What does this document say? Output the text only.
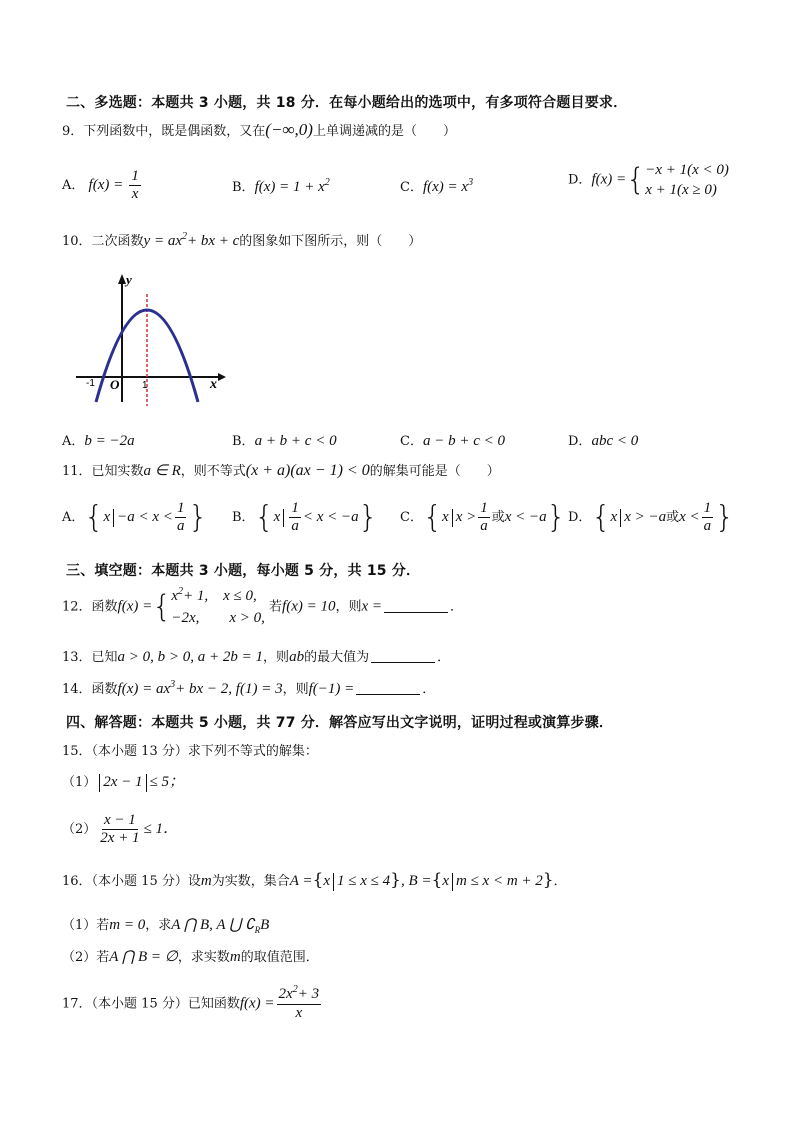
二、多选题：本题共 3 小题，共 18 分．在每小题给出的选项中，有多项符合题目要求．
9．下列函数中，既是偶函数，又在(−∞,0)上单调递减的是（　　）
A． $f(x) = \frac{1}{x}$	B．$f(x) = 1 + x^2$	C．$f(x) = x^3$	D．f(x) ={ −x + 1(x < 0)
x + 1(x ≥ 0)
10．二次函数$y = ax^2+$ bx + c的图象如下图所示，则（　　）
y
x
O
-1	1
A．b = −2a	B．a + b + c < 0	C．a − b + c < 0	D．abc < 0
11．已知实数a ∈ R，则不等式(x + a)(ax − 1) < 0的解集可能是（　　）
A．{$x -a < x < \frac{1}{a}$ } B．$\{x \frac{1}{a} < x < -a\}$ C．{x $x > \frac{1}{a}$ 或x < −a} D．{x x > −a或$x < \frac{1}{a}$ }
三、填空题：本题共 3 小题，每小题 5 分，共 15 分．
12．函数f(x) ={ $x^2+ 1$,　x ≤ 0,
−2x,　　x > 0,
若f(x) = 10，则x =	．
13．已知a > 0, b > 0, a + 2b = 1，则ab的最大值为	．
14．函数$f(x) = ax^3+$ bx − 2, f(1) = 3，则f(−1) =	．
四、解答题：本题共 5 小题，共 77 分．解答应写出文字说明，证明过程或演算步骤．
15．（本小题 13 分）求下列不等式的解集：
（1） 2x − 1 ≤ 5；
$(2) \frac{x - 1}{2x + 1} \le 1$．
16．（本小题 15 分）设m为实数，集合A ={x 1 ≤ x ≤ 4}, B ={x m ≤ x < m + 2}．
（1）若m = 0，求A ⋂ B, A ⋃ $∁_RB$
（2）若A ⋂ B = ∅，求实数m的取值范围．
17．（本小题 15 分）已知函数$f(x) = \frac{2x^2+ 3}{x}$
